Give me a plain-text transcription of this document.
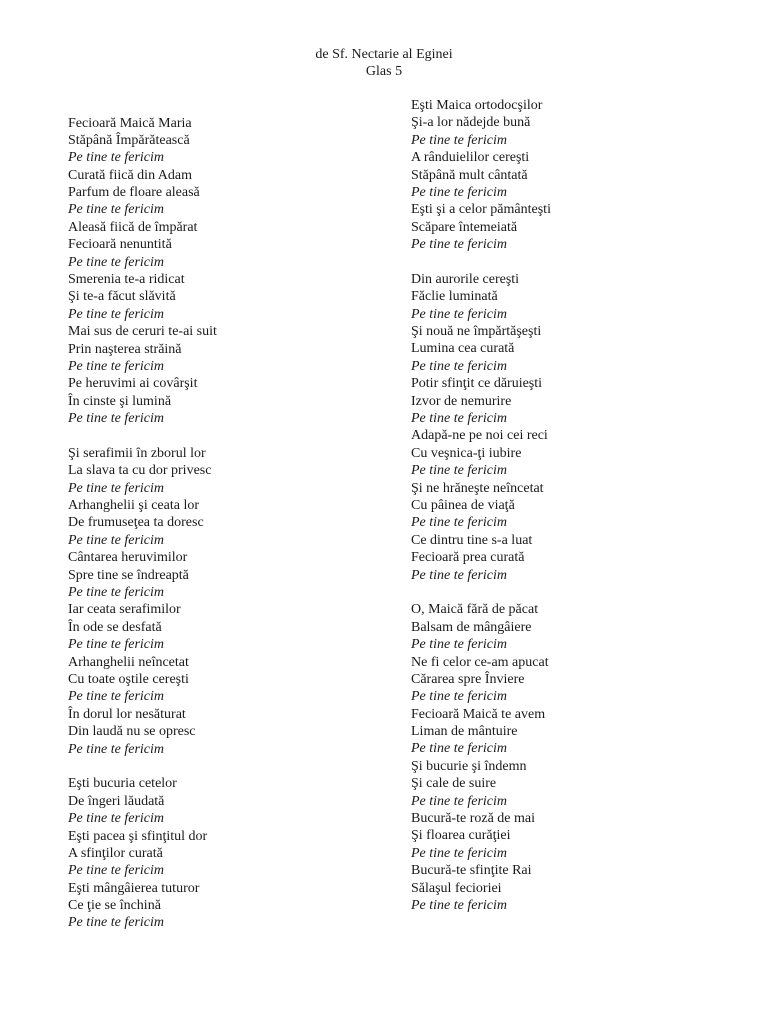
de Sf. Nectarie al Eginei
Glas 5
Fecioară Maică Maria
Stăpână Împărătească
Pe tine te fericim
Curată fiică din Adam
Parfum de floare aleasă
Pe tine te fericim
Aleasă fiică de împărat
Fecioară nenuntită
Pe tine te fericim
Smerenia te-a ridicat
Şi te-a făcut slăvită
Pe tine te fericim
Mai sus de ceruri te-ai suit
Prin naşterea străină
Pe tine te fericim
Pe heruvimi ai covârşit
În cinste şi lumină
Pe tine te fericim
Şi serafimii în zborul lor
La slava ta cu dor privesc
Pe tine te fericim
Arhanghelii şi ceata lor
De frumuseţea ta doresc
Pe tine te fericim
Cântarea heruvimilor
Spre tine se îndreaptă
Pe tine te fericim
Iar ceata serafimilor
În ode se desfată
Pe tine te fericim
Arhanghelii neîncetat
Cu toate oştile cereşti
Pe tine te fericim
În dorul lor nesăturat
Din laudă nu se opresc
Pe tine te fericim
Eşti bucuria cetelor
De îngeri lăudată
Pe tine te fericim
Eşti pacea şi sfinţitul dor
A sfinţilor curată
Pe tine te fericim
Eşti mângâierea tuturor
Ce ţie se închină
Pe tine te fericim
Eşti Maica ortodocşilor
Şi-a lor nădejde bună
Pe tine te fericim
A rânduielilor cereşti
Stăpână mult cântată
Pe tine te fericim
Eşti şi a celor pământeşti
Scăpare întemeiată
Pe tine te fericim
Din aurorile cereşti
Făclie luminată
Pe tine te fericim
Şi nouă ne împărtăşeşti
Lumina cea curată
Pe tine te fericim
Potir sfinţit ce dăruieşti
Izvor de nemurire
Pe tine te fericim
Adapă-ne pe noi cei reci
Cu veşnica-ţi iubire
Pe tine te fericim
Şi ne hrăneşte neîncetat
Cu pâinea de viaţă
Pe tine te fericim
Ce dintru tine s-a luat
Fecioară prea curată
Pe tine te fericim
O, Maică fără de păcat
Balsam de mângâiere
Pe tine te fericim
Ne fi celor ce-am apucat
Cărarea spre Înviere
Pe tine te fericim
Fecioară Maică te avem
Liman de mântuire
Pe tine te fericim
Şi bucurie şi îndemn
Şi cale de suire
Pe tine te fericim
Bucură-te roză de mai
Şi floarea curăţiei
Pe tine te fericim
Bucură-te sfinţite Rai
Sălaşul fecioriei
Pe tine te fericim
